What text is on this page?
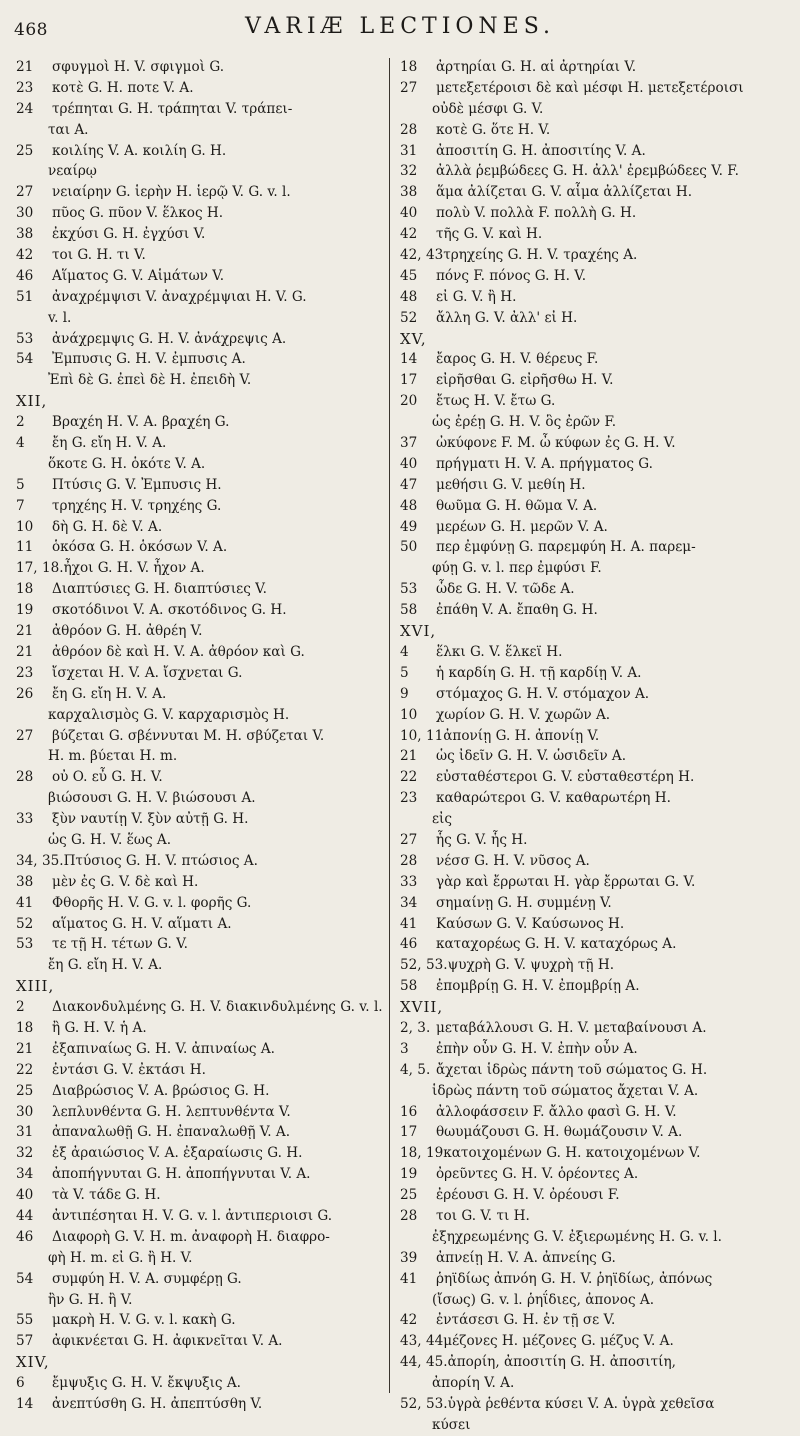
468	VARIÆ LECTIONES.
21 σφυγμοὶ H. V. σφιγμοὶ G.
23 κοτὲ G. H. ποτε V. A.
24 τρέπηται G. H. τράπηται V. τράπει-
ται A.
25 κοιλίης V. A. κοιλίη G. H.
νεαίρῳ
27 νειαίρην G. ἱερὴν H. ἱερῷ V. G. v. l.
30 πῦος G. πῦον V. ἕλκος H.
38 ἐκχύσι G. H. ἐγχύσι V.
42 τοι G. H. τι V.
46 Αἵματος G. V. Αἱμάτων V.
51 ἀναχρέμψισι V. ἀναχρέμψιαι H. V. G.
v. l.
53 ἀνάχρεμψις G. H. V. ἀνάχρεψις A.
54 Ἐμπυσις G. H. V. ἐμπυσις A.
Ἐπὶ δὲ G. ἐπεὶ δὲ H. ἐπειδὴ V.
XII,
2 Βραχέη H. V. A. βραχέη G.
4 ἔη G. εἴη H. V. A.
ὅκοτε G. H. ὁκότε V. A.
5 Πτύσις G. V. Ἐμπυσις H.
7 τρηχέης H. V. τρηχέης G.
10 δὴ G. H. δὲ V. A.
11 ὁκόσα G. H. ὁκόσων V. A.
17, 18.ἦχοι G. H. V. ἦχον A.
18 Διαπτύσιες G. H. διαπτύσιες V.
19 σκοτόδινοι V. A. σκοτόδινος G. H.
21 ἀθρόον G. H. ἀθρέη V.
21 ἀθρόον δὲ καὶ H. V. A. ἀθρόον καὶ G.
23 ἴσχεται H. V. A. ἴσχνεται G.
26 ἔη G. εἴη H. V. A.
καρχαλισμὸς G. V. καρχαρισμὸς H.
27 βύζεται G. σβέννυται M. H. σβύζεται V.
H. m. βύεται H. m.
28 οὐ O. εὖ G. H. V.
βιώσουσι G. H. V. βιώσουσι A.
33 ξὺν ναυτίῃ V. ξὺν αὐτῇ G. H.
ὡς G. H. V. ἕως A.
34, 35.Πτύσιος G. H. V. πτώσιος A.
38 μὲν ἐς G. V. δὲ καὶ H.
41 Φθορῆς H. V. G. v. l. φορῆς G.
52 αἵματος G. H. V. αἵματι A.
53 τε τῇ H. τέτων G. V.
ἔη G. εἴη H. V. A.
XIII,
2 Διακονδυλμένης G. H. V. διακινδυλμένης G. v. l.
18 ἢ G. H. V. ἡ A.
21 ἐξαπιναίως G. H. V. ἀπιναίως A.
22 ἐντάσι G. V. ἐκτάσι H.
25 Διαβρώσιος V. A. βρώσιος G. H.
30 λεπλυνθέντα G. H. λεπτυνθέντα V.
31 ἀπαναλωθῇ G. H. ἐπαναλωθῇ V. A.
32 ἐξ ἀραιώσιος V. A. ἐξαραίωσις G. H.
34 ἀποπήγνυται G. H. ἀποπήγνυται V. A.
40 τὰ V. τάδε G. H.
44 ἀντιπέσηται H. V. G. v. l. ἀντιπεριοισι G.
46 Διαφορὴ G. V. H. m. ἀναφορὴ H. διαφρο-
φὴ H. m. εἰ G. ἢ H. V.
54 συμφύη H. V. A. συμφέρῃ G.
ἢν G. H. ἢ V.
55 μακρὴ H. V. G. v. l. κακὴ G.
57 ἀφικνέεται G. H. ἀφικνεῖται V. A.
XIV,
6 ἔμψυξις G. H. V. ἔκψυξις A.
14 ἀνεπτύσθη G. H. ἀπεπτύσθη V.
18 ἀρτηρίαι G. H. αἱ ἀρτηρίαι V.
27 μετεξετέροισι δὲ καὶ μέσφι H. μετεξετέροισι
οὐδὲ μέσφι G. V.
28 κοτὲ G. ὅτε H. V.
31 ἀποσιτίη G. H. ἀποσιτίης V. A.
32 ἀλλὰ ῥεμβώδεες G. H. ἀλλ' ἐρεμβώδεες V. F.
38 ἅμα ἀλίζεται G. V. αἷμα ἀλλίζεται H.
40 πολὺ V. πολλὰ F. πολλὴ G. H.
42 τῆς G. V. καὶ H.
42, 43τρηχείης G. H. V. τραχέης A.
45 πόνς F. πόνος G. H. V.
48 εἰ G. V. ἢ H.
52 ἄλλη G. V. ἀλλ' εἰ H.
XV,
14 ἔαρος G. H. V. θέρευς F.
17 εἰρῆσθαι G. εἰρῆσθω H. V.
20 ἔτως H. V. ἔτω G.
ὡς ἐρέῃ G. H. V. ὃς ἐρῶν F.
37 ὠκύφονε F. M. ὦ κύφων ἐς G. H. V.
40 πρήγματι H. V. A. πρήγματος G.
47 μεθήσιι G. V. μεθίη H.
48 θωῦμα G. H. θῶμα V. A.
49 μερέων G. H. μερῶν V. A.
50 περ ἐμφύνῃ G. παρεμφύη H. A. παρεμ-
φύῃ G. v. l. περ ἐμφύσι F.
53 ὧδε G. H. V. τῶδε A.
58 ἐπάθη V. A. ἔπαθη G. H.
XVI,
4 ἕλκι G. V. ἕλκεϊ H.
5 ἡ καρδίη G. H. τῇ καρδίῃ V. A.
9 στόμαχος G. H. V. στόμαχον A.
10 χωρίον G. H. V. χωρῶν A.
10, 11ἀπονίῃ G. H. ἀπονίῃ V.
21 ὡς ἰδεῖν G. H. V. ὡσιδεῖν A.
22 εὐσταθέστεροι G. V. εὐσταθεστέρη H.
23 καθαρώτεροι G. V. καθαρωτέρη H.
εἰς
27 ἧς G. V. ἧς H.
28 νέσσ G. H. V. νῦσος A.
33 γὰρ καὶ ἔρρωται H. γὰρ ἔρρωται G. V.
34 σημαίνῃ G. H. συμμένῃ V.
41 Καύσων G. V. Καύσωνος H.
46 καταχορέως G. H. V. καταχόρως A.
52, 53.ψυχρὴ G. V. ψυχρὴ τῇ H.
58 ἐπομβρίῃ G. H. V. ἐπομβρίῃ A.
XVII,
2, 3. μεταβάλλουσι G. H. V. μεταβαίνουσι A.
3 ἐπὴν οὖν G. H. V. ἐπὴν οὖν A.
4, 5. ἄχεται ἱδρὼς πάντη τοῦ σώματος G. H.
ἱδρὼς πάντη τοῦ σώματος ἄχεται V. A.
16 ἀλλοφάσσειν F. ἄλλο φασὶ G. H. V.
17 θωυμάζουσι G. H. θωμάζουσιν V. A.
18, 19κατοιχομένων G. H. κατοιχομένων V.
19 ὀρεῦντες G. H. V. ὁρέοντες A.
25 ἐρέουσι G. H. V. ὀρέουσι F.
28 τοι G. V. τι H.
ἐξηχρεωμένης G. V. ἐξιερωμένης H. G. v. l.
39 ἀπνείῃ H. V. A. ἀπνείης G.
41 ῥηϊδίως ἀπνόη G. H. V. ῥηϊδίως, ἀπόνως
(ἴσως) G. v. l. ῥηΐδιες, ἀπονος A.
42 ἐντάσεσι G. H. ἐν τῇ σε V.
43, 44μέζονες H. μέζονες G. μέζυς V. A.
44, 45.ἀπορίη, ἀποσιτίη G. H. ἀποσιτίη,
ἀπορίη V. A.
52, 53.ὑγρὰ ῥεθέντα κύσει V. A. ὑγρὰ χεθεῖσα
κύσει
